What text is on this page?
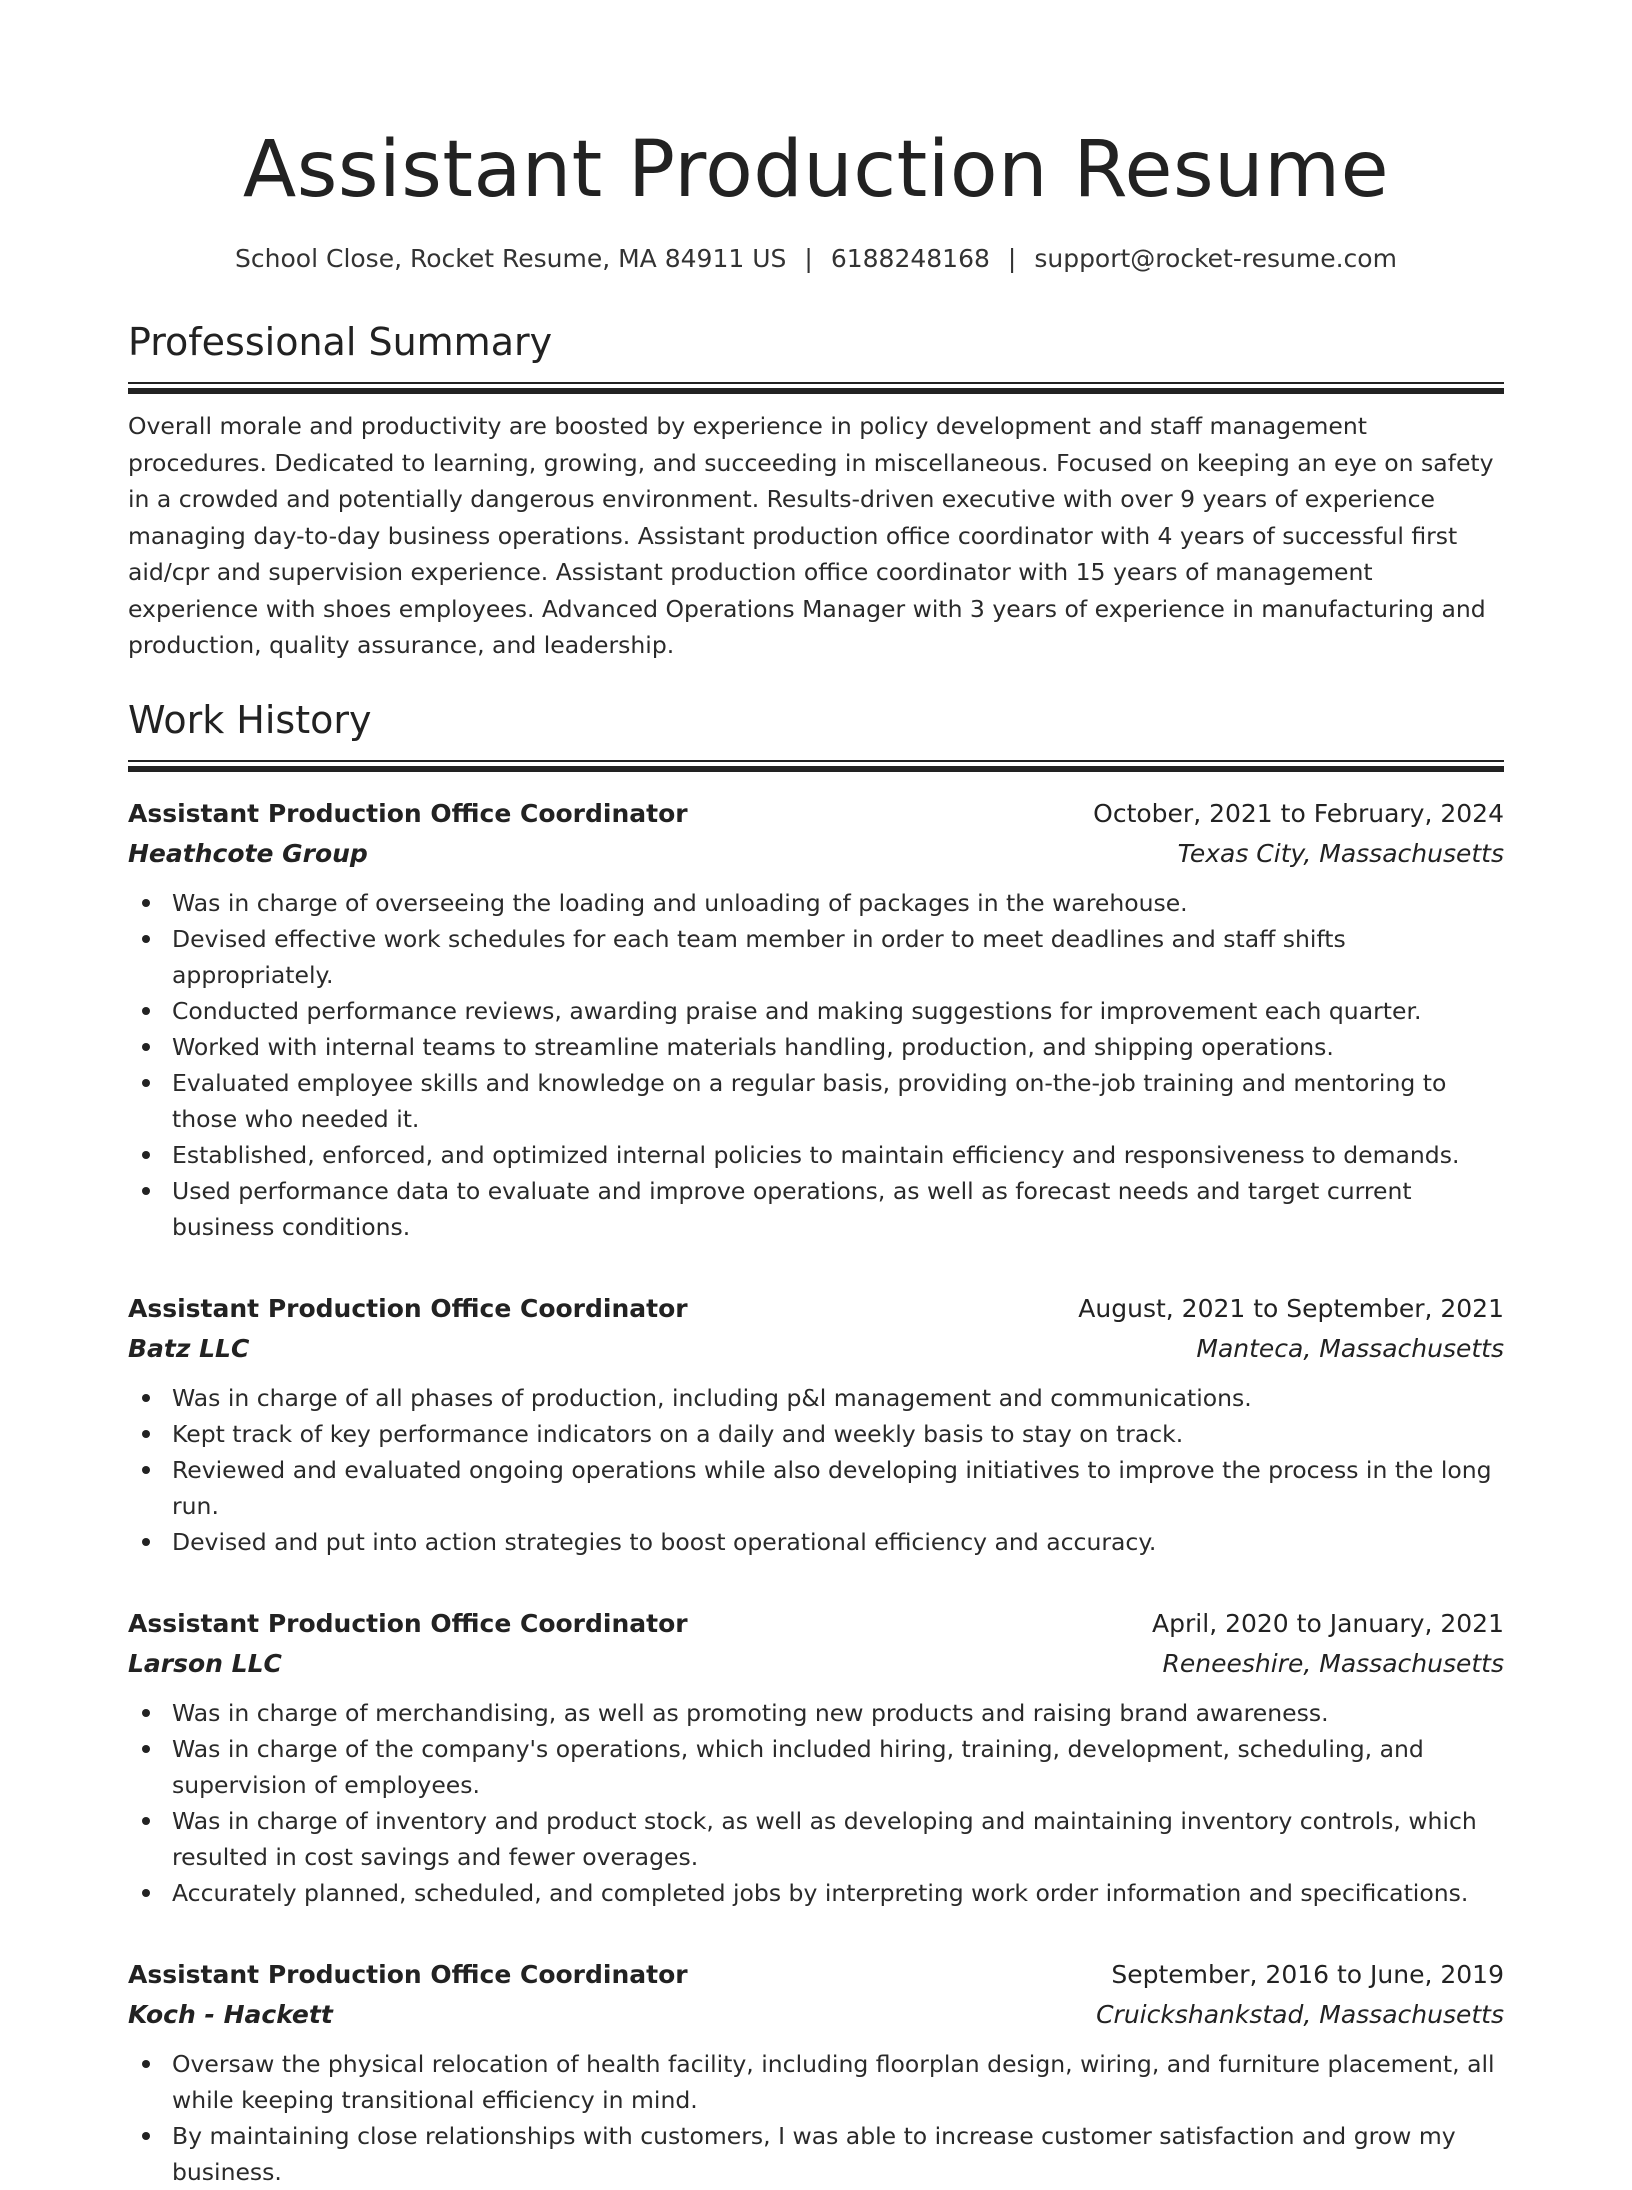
Assistant Production Resume
School Close, Rocket Resume, MA 84911 US | 6188248168 | support@rocket-resume.com
Professional Summary

Overall morale and productivity are boosted by experience in policy development and staff management procedures. Dedicated to learning, growing, and succeeding in miscellaneous. Focused on keeping an eye on safety in a crowded and potentially dangerous environment. Results-driven executive with over 9 years of experience managing day-to-day business operations. Assistant production office coordinator with 4 years of successful first aid/cpr and supervision experience. Assistant production office coordinator with 15 years of management experience with shoes employees. Advanced Operations Manager with 3 years of experience in manufacturing and production, quality assurance, and leadership.

Work History
Assistant Production Office Coordinator	October, 2021 to February, 2024
Heathcote Group	Texas City, Massachusetts
Was in charge of overseeing the loading and unloading of packages in the warehouse.
Devised effective work schedules for each team member in order to meet deadlines and staff shifts appropriately.
Conducted performance reviews, awarding praise and making suggestions for improvement each quarter.
Worked with internal teams to streamline materials handling, production, and shipping operations.
Evaluated employee skills and knowledge on a regular basis, providing on-the-job training and mentoring to those who needed it.
Established, enforced, and optimized internal policies to maintain efficiency and responsiveness to demands.
Used performance data to evaluate and improve operations, as well as forecast needs and target current business conditions.
Assistant Production Office Coordinator	August, 2021 to September, 2021
Batz LLC	Manteca, Massachusetts
Was in charge of all phases of production, including p&l management and communications.
Kept track of key performance indicators on a daily and weekly basis to stay on track.
Reviewed and evaluated ongoing operations while also developing initiatives to improve the process in the long run.
Devised and put into action strategies to boost operational efficiency and accuracy.
Assistant Production Office Coordinator	April, 2020 to January, 2021
Larson LLC	Reneeshire, Massachusetts
Was in charge of merchandising, as well as promoting new products and raising brand awareness.
Was in charge of the company's operations, which included hiring, training, development, scheduling, and supervision of employees.
Was in charge of inventory and product stock, as well as developing and maintaining inventory controls, which resulted in cost savings and fewer overages.
Accurately planned, scheduled, and completed jobs by interpreting work order information and specifications.
Assistant Production Office Coordinator	September, 2016 to June, 2019
Koch - Hackett	Cruickshankstad, Massachusetts
Oversaw the physical relocation of health facility, including floorplan design, wiring, and furniture placement, all while keeping transitional efficiency in mind.
By maintaining close relationships with customers, I was able to increase customer satisfaction and grow my business.
